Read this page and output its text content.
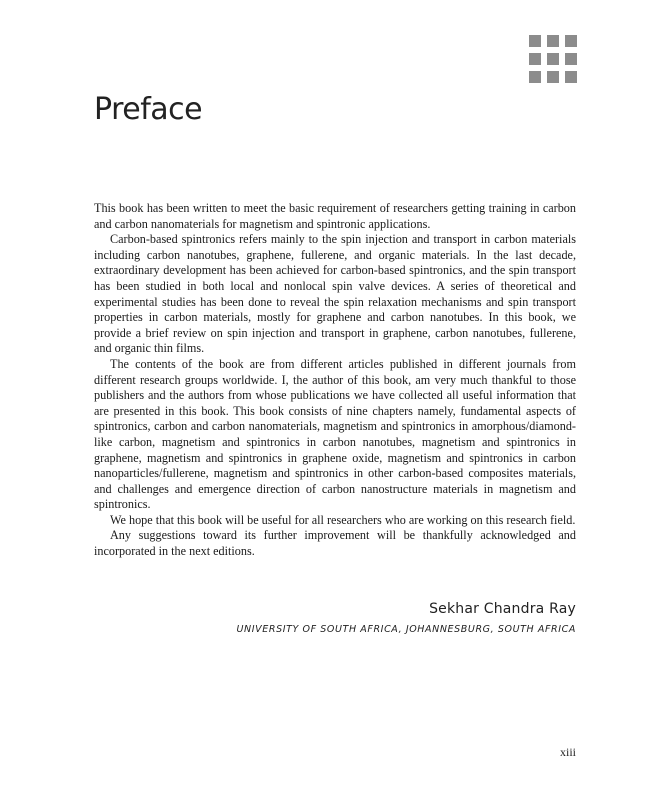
Preface

This book has been written to meet the basic requirement of researchers getting training in carbon and carbon nanomaterials for magnetism and spintronic applications.

Carbon-based spintronics refers mainly to the spin injection and transport in carbon materials including carbon nanotubes, graphene, fullerene, and organic materials. In the last decade, extraordinary development has been achieved for carbon-based spintronics, and the spin transport has been studied in both local and nonlocal spin valve devices. A series of theoretical and experimental studies has been done to reveal the spin relaxation mechanisms and spin transport properties in carbon materials, mostly for graphene and carbon nanotubes. In this book, we provide a brief review on spin injection and transport in graphene, carbon nanotubes, fullerene, and organic thin films.

The contents of the book are from different articles published in different journals from different research groups worldwide. I, the author of this book, am very much thankful to those publishers and the authors from whose publications we have collected all useful information that are presented in this book. This book consists of nine chapters namely, fundamental aspects of spintronics, carbon and carbon nanomaterials, magnetism and spintronics in amorphous/diamond-like carbon, magnetism and spintronics in carbon nanotubes, magnetism and spintronics in graphene, magnetism and spintronics in graphene oxide, magnetism and spintronics in carbon nanoparticles/fullerene, magnetism and spintronics in other carbon-based composites materials, and challenges and emergence direction of carbon nanostructure materials in magnetism and spintronics.

We hope that this book will be useful for all researchers who are working on this research field.

Any suggestions toward its further improvement will be thankfully acknowledged and incorporated in the next editions.

Sekhar Chandra Ray
UNIVERSITY OF SOUTH AFRICA, JOHANNESBURG, SOUTH AFRICA
xiii
